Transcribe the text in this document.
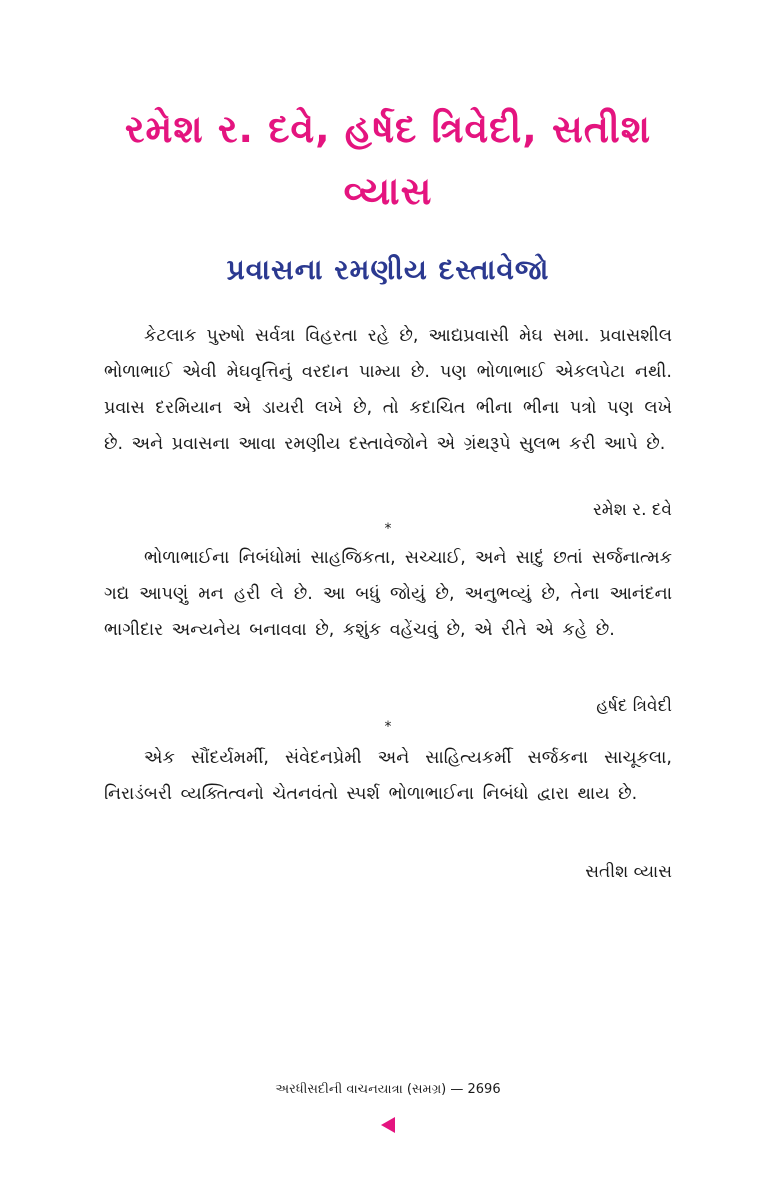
રમેશ ર. દવે, હર્ષદ ત્રિવેદી, સતીશ વ્યાસ
પ્રવાસના રમણીય દસ્તાવેજો

કેટલાક પુરુષો સર્વત્રા વિહરતા રહે છે, આદ્યપ્રવાસી મેઘ સમા. પ્રવાસશીલ ભોળાભાઈ એવી મેઘવૃત્તિનું વરદાન પામ્યા છે. પણ ભોળાભાઈ એકલપેટા નથી. પ્રવાસ દરમિયાન એ ડાયરી લખે છે, તો કદાચિત ભીના ભીના પત્રો પણ લખે છે. અને પ્રવાસના આવા રમણીય દસ્તાવેજોને એ ગ્રંથરૂપે સુલભ કરી આપે છે.

રમેશ ર. દવે
*

ભોળાભાઈના નિબંધોમાં સાહજિકતા, સચ્ચાઈ, અને સાદું છતાં સર્જનાત્મક ગદ્ય આપણું મન હરી લે છે. આ બધું જોયું છે, અનુભવ્યું છે, તેના આનંદના ભાગીદાર અન્યનેય બનાવવા છે, કશુંક વહેંચવું છે, એ રીતે એ કહે છે.

હર્ષદ ત્રિવેદી
*

એક સૌંદર્યમર્મી, સંવેદનપ્રેમી અને સાહિત્યકર્મી સર્જકના સાચૂકલા, નિરાડંબરી વ્યક્તિત્વનો ચેતનવંતો સ્પર્શ ભોળાભાઈના નિબંધો દ્વારા થાય છે.

સતીશ વ્યાસ
અરધીસદીની વાચનયાત્રા (સમગ્ર) — 2696
